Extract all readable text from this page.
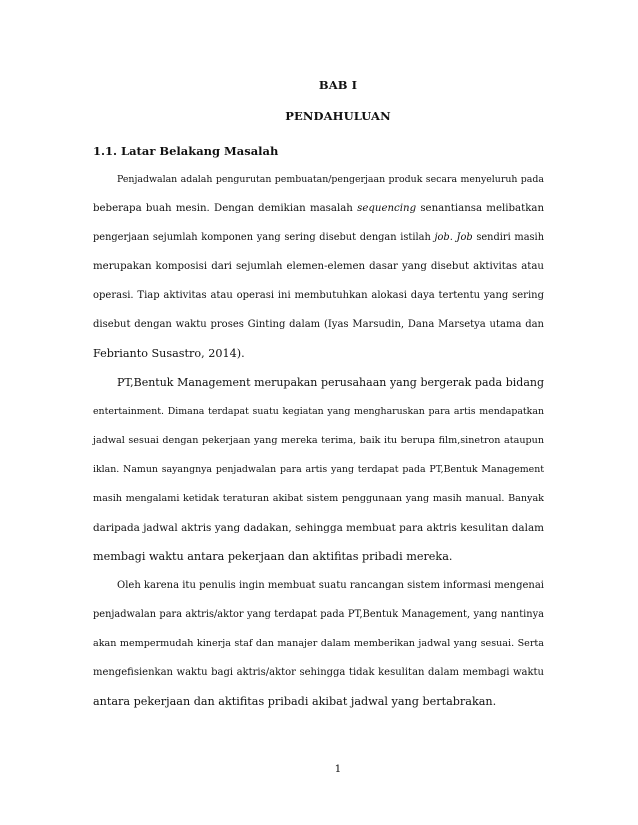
BAB I
PENDAHULUAN
1.1. Latar Belakang Masalah
Penjadwalan adalah pengurutan pembuatan/pengerjaan produk secara menyeluruh pada
beberapa buah mesin. Dengan demikian masalah sequencing senantiansa melibatkan
pengerjaan sejumlah komponen yang sering disebut dengan istilah job. Job sendiri masih
merupakan komposisi dari sejumlah elemen-elemen dasar yang disebut aktivitas atau
operasi. Tiap aktivitas atau operasi ini membutuhkan alokasi daya tertentu yang sering
disebut dengan waktu proses Ginting dalam (Iyas Marsudin, Dana Marsetya utama dan
Febrianto Susastro, 2014).
PT,Bentuk Management merupakan perusahaan yang bergerak pada bidang
entertainment. Dimana terdapat suatu kegiatan yang mengharuskan para artis mendapatkan
jadwal sesuai dengan pekerjaan yang mereka terima, baik itu berupa film,sinetron ataupun
iklan. Namun sayangnya penjadwalan para artis yang terdapat pada PT,Bentuk Management
masih mengalami ketidak teraturan akibat sistem penggunaan yang masih manual. Banyak
daripada jadwal aktris yang dadakan, sehingga membuat para aktris kesulitan dalam
membagi waktu antara pekerjaan dan aktifitas pribadi mereka.
Oleh karena itu penulis ingin membuat suatu rancangan sistem informasi mengenai
penjadwalan para aktris/aktor yang terdapat pada PT,Bentuk Management, yang nantinya
akan mempermudah kinerja staf dan manajer dalam memberikan jadwal yang sesuai. Serta
mengefisienkan waktu bagi aktris/aktor sehingga tidak kesulitan dalam membagi waktu
antara pekerjaan dan aktifitas pribadi akibat jadwal yang bertabrakan.
1
